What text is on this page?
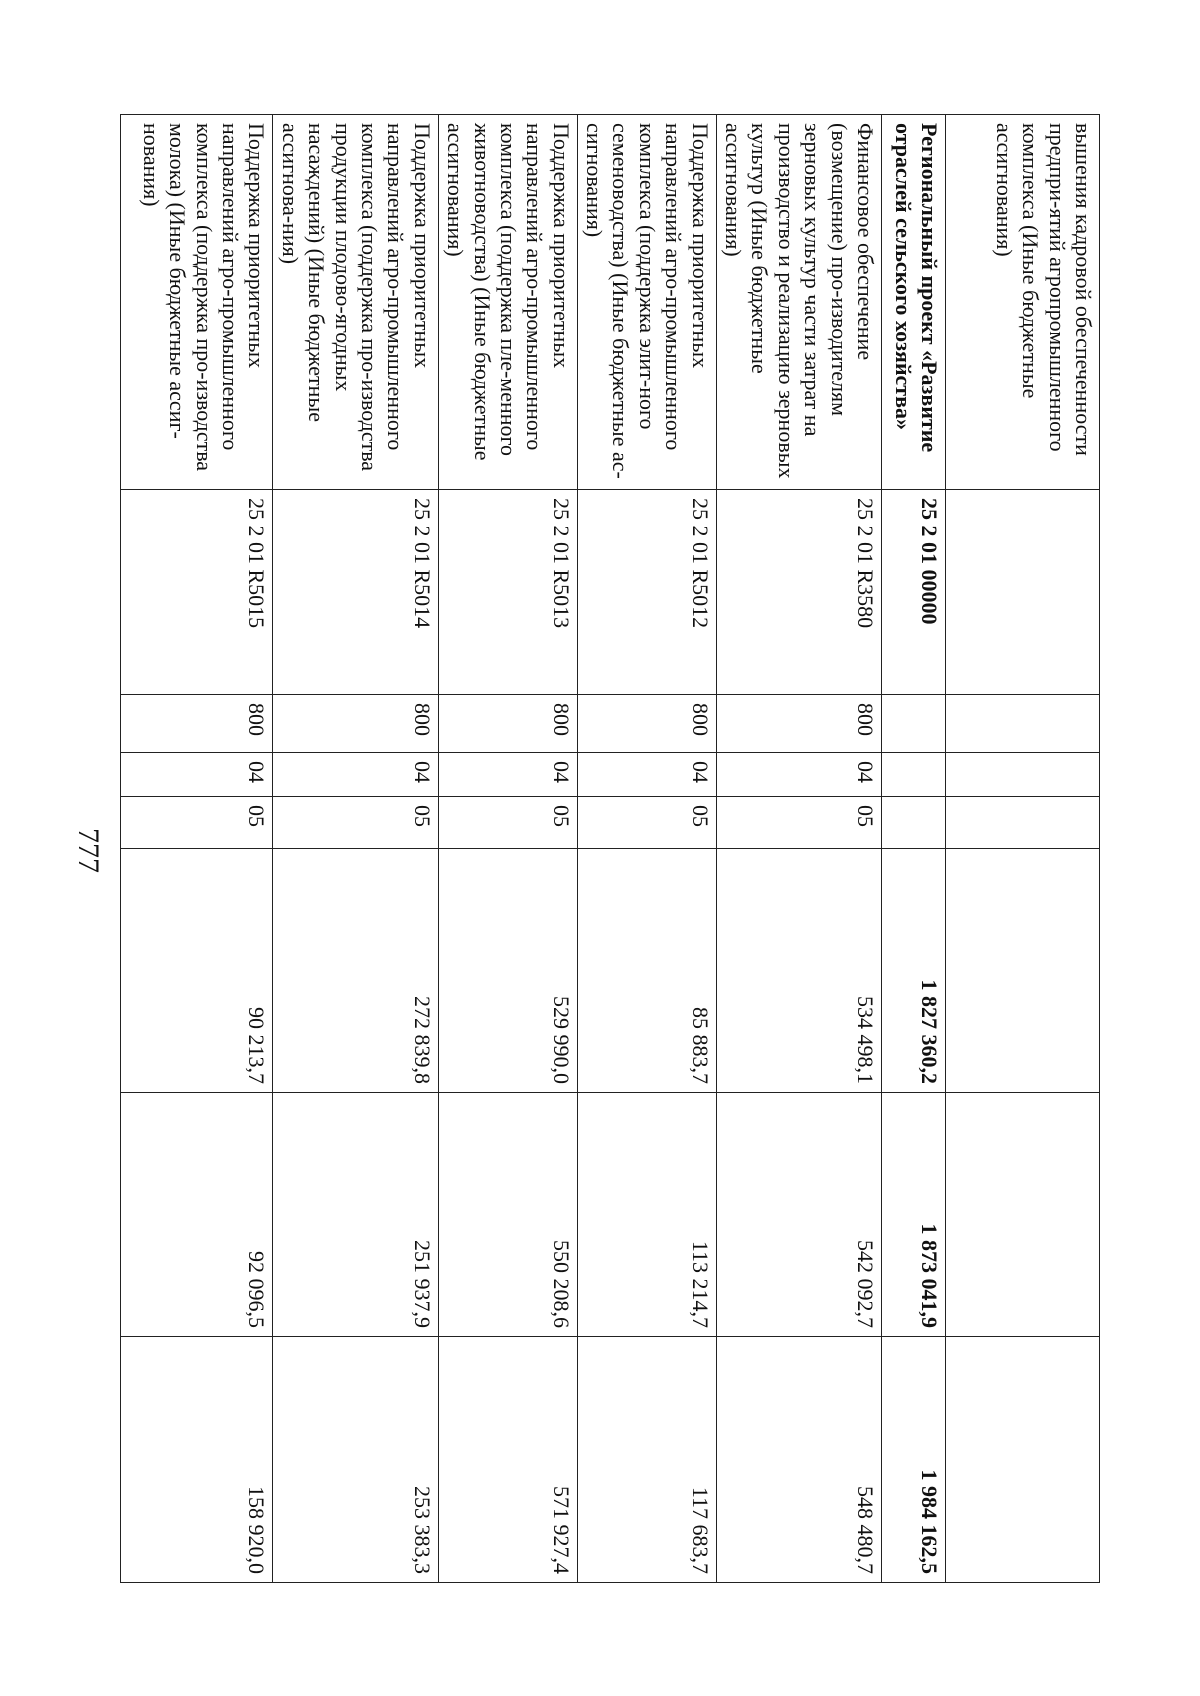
777
вышения кадровой обеспеченности предпри-ятий агропромышленного комплекса (Иные бюджетные ассигнования)							
Региональный проект «Развитие отраслей сельского хозяйства»	25 2 01 00000				1 827 360,2	1 873 041,9	1 984 162,5
Финансовое обеспечение (возмещение) про-изводителям зерновых культур части затрат на производство и реализацию зерновых культур (Иные бюджетные ассигнования)	25 2 01 R3580	800	04	05	534 498,1	542 092,7	548 480,7
Поддержка приоритетных направлений агро-промышленного комплекса (поддержка элит-ного семеноводства) (Иные бюджетные ас-сигнования)	25 2 01 R5012	800	04	05	85 883,7	113 214,7	117 683,7
Поддержка приоритетных направлений агро-промышленного комплекса (поддержка пле-менного животноводства) (Иные бюджетные ассигнования)	25 2 01 R5013	800	04	05	529 990,0	550 208,6	571 927,4
Поддержка приоритетных направлений агро-промышленного комплекса (поддержка про-изводства продукции плодово-ягодных насаждений) (Иные бюджетные ассигнова-ния)	25 2 01 R5014	800	04	05	272 839,8	251 937,9	253 383,3
Поддержка приоритетных направлений агро-промышленного комплекса (поддержка про-изводства молока) (Иные бюджетные ассиг-нования)	25 2 01 R5015	800	04	05	90 213,7	92 096,5	158 920,0
